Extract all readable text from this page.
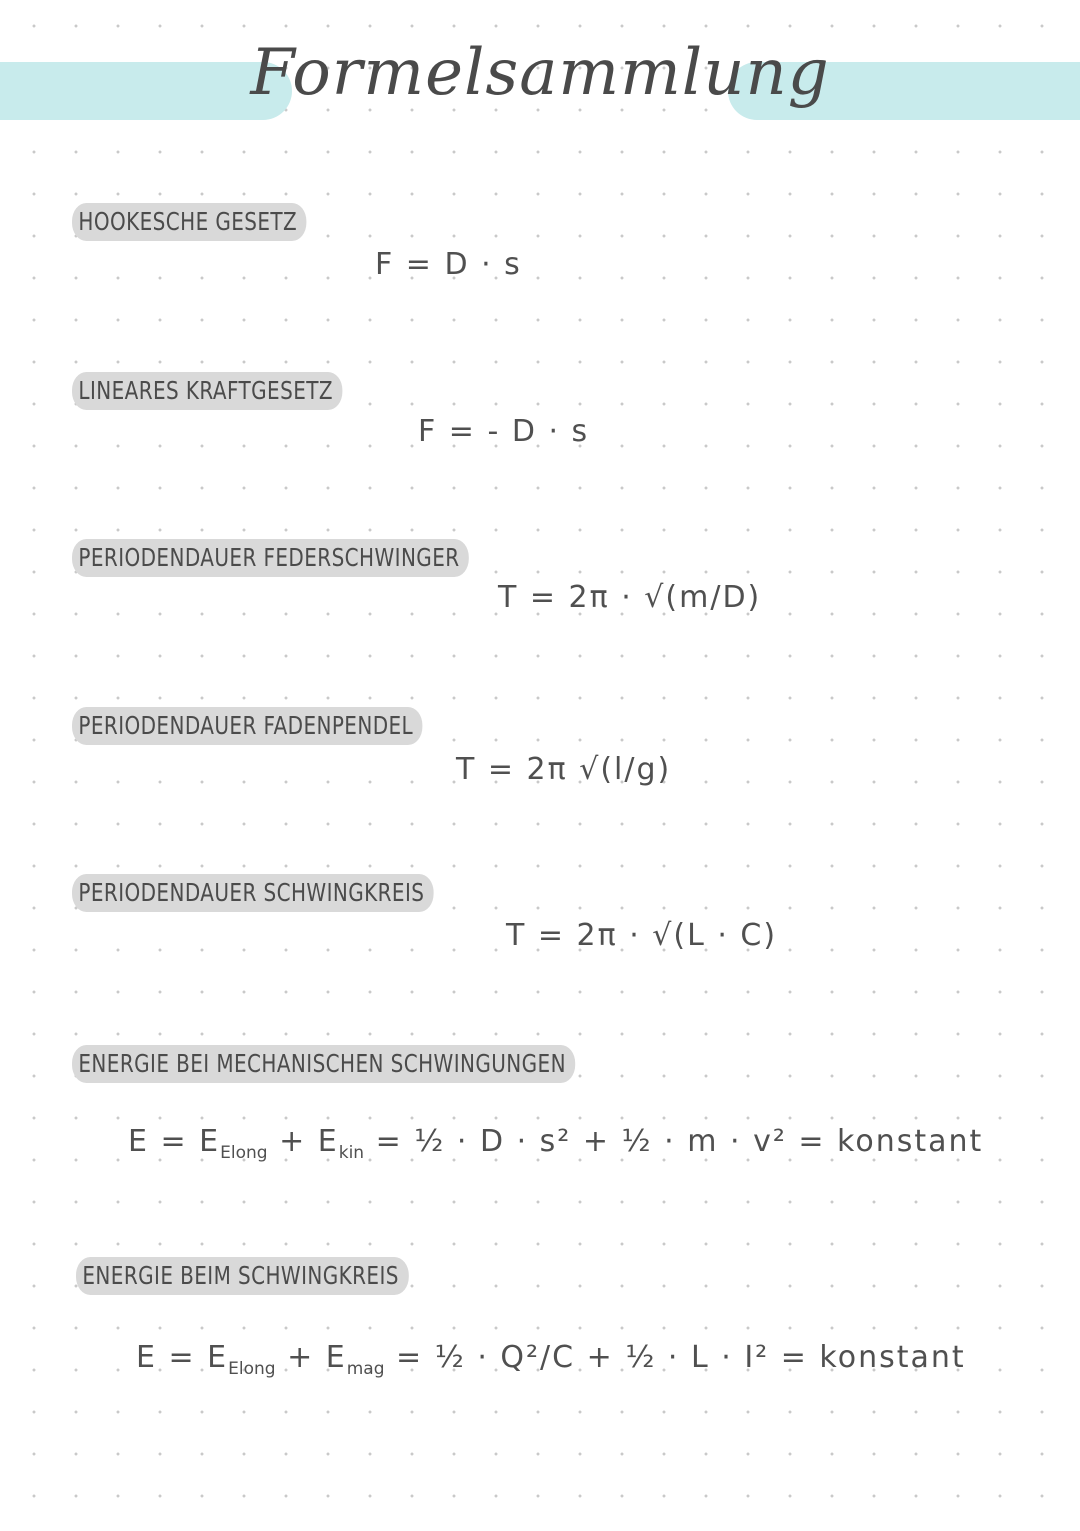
Formelsammlung
HOOKESCHE GESETZ
F = D · s
LINEARES KRAFTGESETZ
F = - D · s
PERIODENDAUER FEDERSCHWINGER
T = 2π · √(m/D)
PERIODENDAUER FADENPENDEL
T = 2π √(l/g)
PERIODENDAUER SCHWINGKREIS
T = 2π · √(L · C)
ENERGIE BEI MECHANISCHEN SCHWINGUNGEN
$E = E_{Elong} + E_{kin}$ = ½ · D · s² + ½ · m · v² = konstant
ENERGIE BEIM SCHWINGKREIS
$E = E_{Elong} + E_{mag}$ = ½ · Q²/C + ½ · L · I² = konstant
